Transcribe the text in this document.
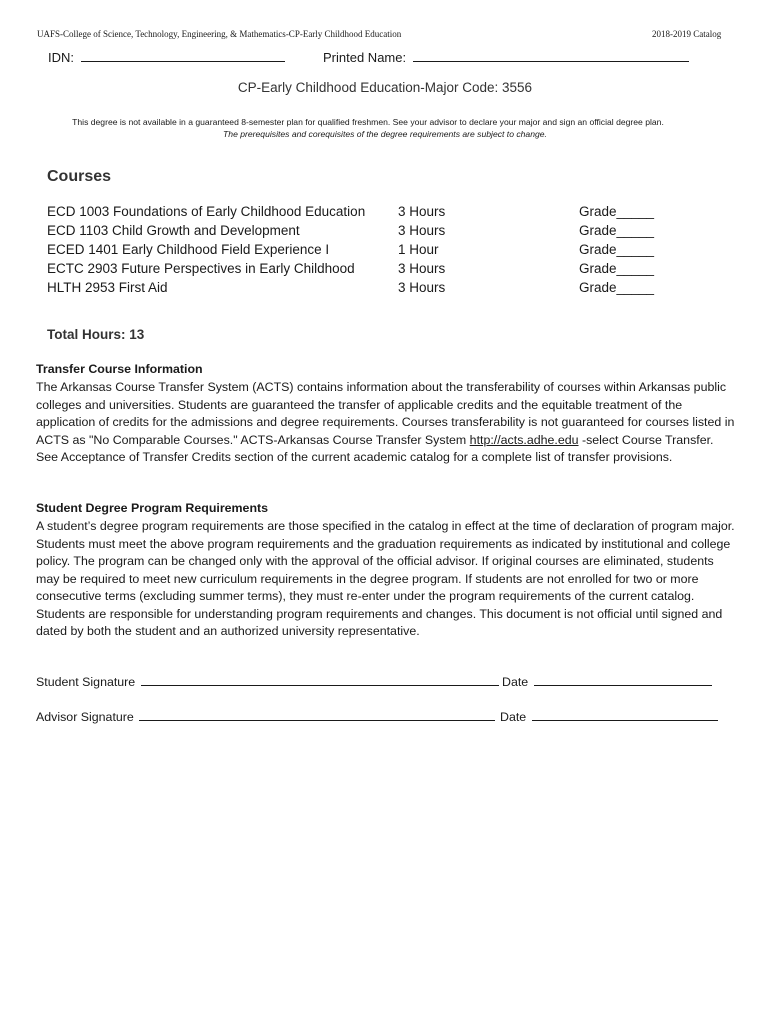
UAFS-College of Science, Technology, Engineering, & Mathematics-CP-Early Childhood Education	2018-2019 Catalog
IDN:	Printed Name:
CP-Early Childhood Education-Major Code: 3556
This degree is not available in a guaranteed 8-semester plan for qualified freshmen. See your advisor to declare your major and sign an official degree plan.
The prerequisites and corequisites of the degree requirements are subject to change.
Courses
ECD 1003 Foundations of Early Childhood Education 3 Hours	Grade_____
ECD 1103 Child Growth and Development	3 Hours	Grade_____
ECED 1401 Early Childhood Field Experience I	1 Hour	Grade_____
ECTC 2903 Future Perspectives in Early Childhood	3 Hours	Grade_____
HLTH 2953 First Aid	3 Hours	Grade_____
Total Hours: 13
Transfer Course Information
The Arkansas Course Transfer System (ACTS) contains information about the transferability of courses within Arkansas public colleges and universities. Students are guaranteed the transfer of applicable credits and the equitable treatment of the application of credits for the admissions and degree requirements. Courses transferability is not guaranteed for courses listed in ACTS as "No Comparable Courses." ACTS-Arkansas Course Transfer System http://acts.adhe.edu -select Course Transfer. See Acceptance of Transfer Credits section of the current academic catalog for a complete list of transfer provisions.
Student Degree Program Requirements
A student’s degree program requirements are those specified in the catalog in effect at the time of declaration of program major. Students must meet the above program requirements and the graduation requirements as indicated by institutional and college policy. The program can be changed only with the approval of the official advisor. If original courses are eliminated, students may be required to meet new curriculum requirements in the degree program. If students are not enrolled for two or more consecutive terms (excluding summer terms), they must re-enter under the program requirements of the current catalog. Students are responsible for understanding program requirements and changes. This document is not official until signed and dated by both the student and an authorized university representative.
Student Signature	Date
Advisor Signature	Date
